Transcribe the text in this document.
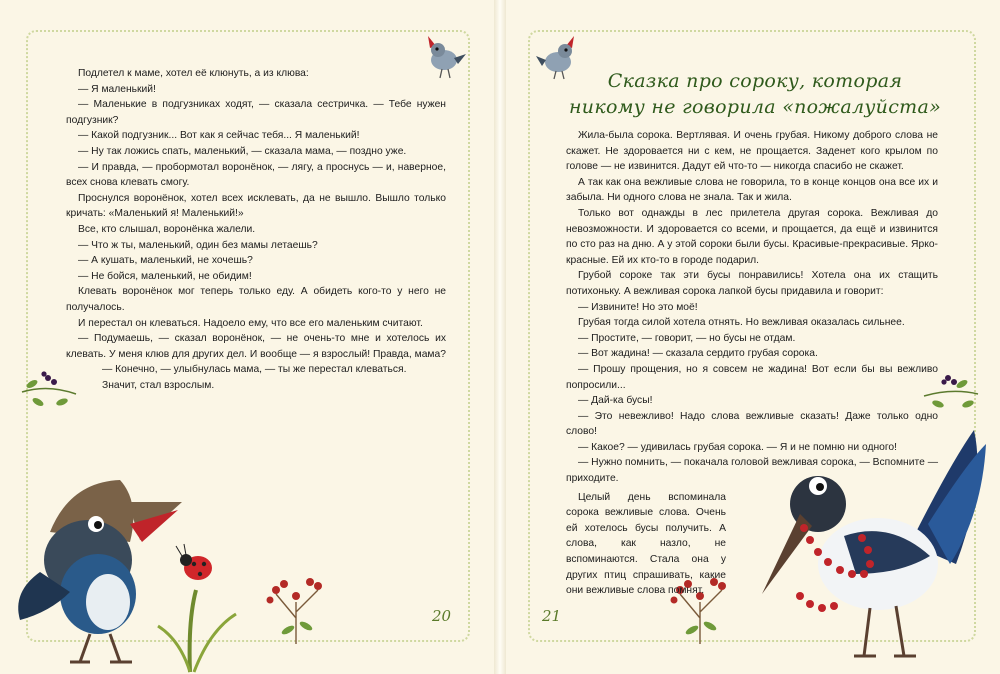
Подлетел к маме, хотел её клюнуть, а из клюва:

— Я маленький!

— Маленькие в подгузниках ходят, — сказала сестричка. — Тебе нужен подгузник?

— Какой подгузник... Вот как я сейчас тебя... Я маленький!

— Ну так ложись спать, маленький, — сказала мама, — поздно уже.

— И правда, — пробормотал воронёнок, — лягу, а проснусь — и, наверное, всех снова клевать смогу.

Проснулся воронёнок, хотел всех исклевать, да не вышло. Вышло только кричать: «Маленький я! Маленький!»

Все, кто слышал, воронёнка жалели.

— Что ж ты, маленький, один без мамы летаешь?

— А кушать, маленький, не хочешь?

— Не бойся, маленький, не обидим!

Клевать воронёнок мог теперь только еду. А обидеть кого-то у него не получалось.

И перестал он клеваться. Надоело ему, что все его маленьким считают.

— Подумаешь, — сказал воронёнок, — не очень-то мне и хотелось их клевать. У меня клюв для других дел. И вообще — я взрослый! Правда, мама?

— Конечно, — улыбнулась мама, — ты же перестал клеваться.

Значит, стал взрослым.

20
Сказка про сороку, которая
никому не говорила «пожалуйста»

Жила-была сорока. Вертлявая. И очень грубая. Никому доброго слова не скажет. Не здоровается ни с кем, не прощается. Заденет кого крылом по голове — не извинится. Дадут ей что-то — никогда спасибо не скажет.

А так как она вежливые слова не говорила, то в конце концов она все их и забыла. Ни одного слова не знала. Так и жила.

Только вот однажды в лес прилетела другая сорока. Вежливая до невозможности. И здоровается со всеми, и прощается, да ещё и извинится по сто раз на дню. А у этой сороки были бусы. Красивые-прекрасивые. Ярко-красные. Ей их кто-то в городе подарил.

Грубой сороке так эти бусы понравились! Хотела она их стащить потихоньку. А вежливая сорока лапкой бусы придавила и говорит:

— Извините! Но это моё!

Грубая тогда силой хотела отнять. Но вежливая оказалась сильнее.

— Простите, — говорит, — но бусы не отдам.

— Вот жадина! — сказала сердито грубая сорока.

— Прошу прощения, но я совсем не жадина! Вот если бы вы вежливо попросили...

— Дай-ка бусы!

— Это невежливо! Надо слова вежливые сказать! Даже только одно слово!

— Какое? — удивилась грубая сорока. — Я и не помню ни одного!

— Нужно помнить, — покачала головой вежливая сорока, — Вспомните — приходите.

Целый день вспоминала сорока вежливые слова. Очень ей хотелось бусы получить. А слова, как назло, не вспоминаются. Стала она у других птиц спрашивать, какие они вежливые слова помнят.

21
